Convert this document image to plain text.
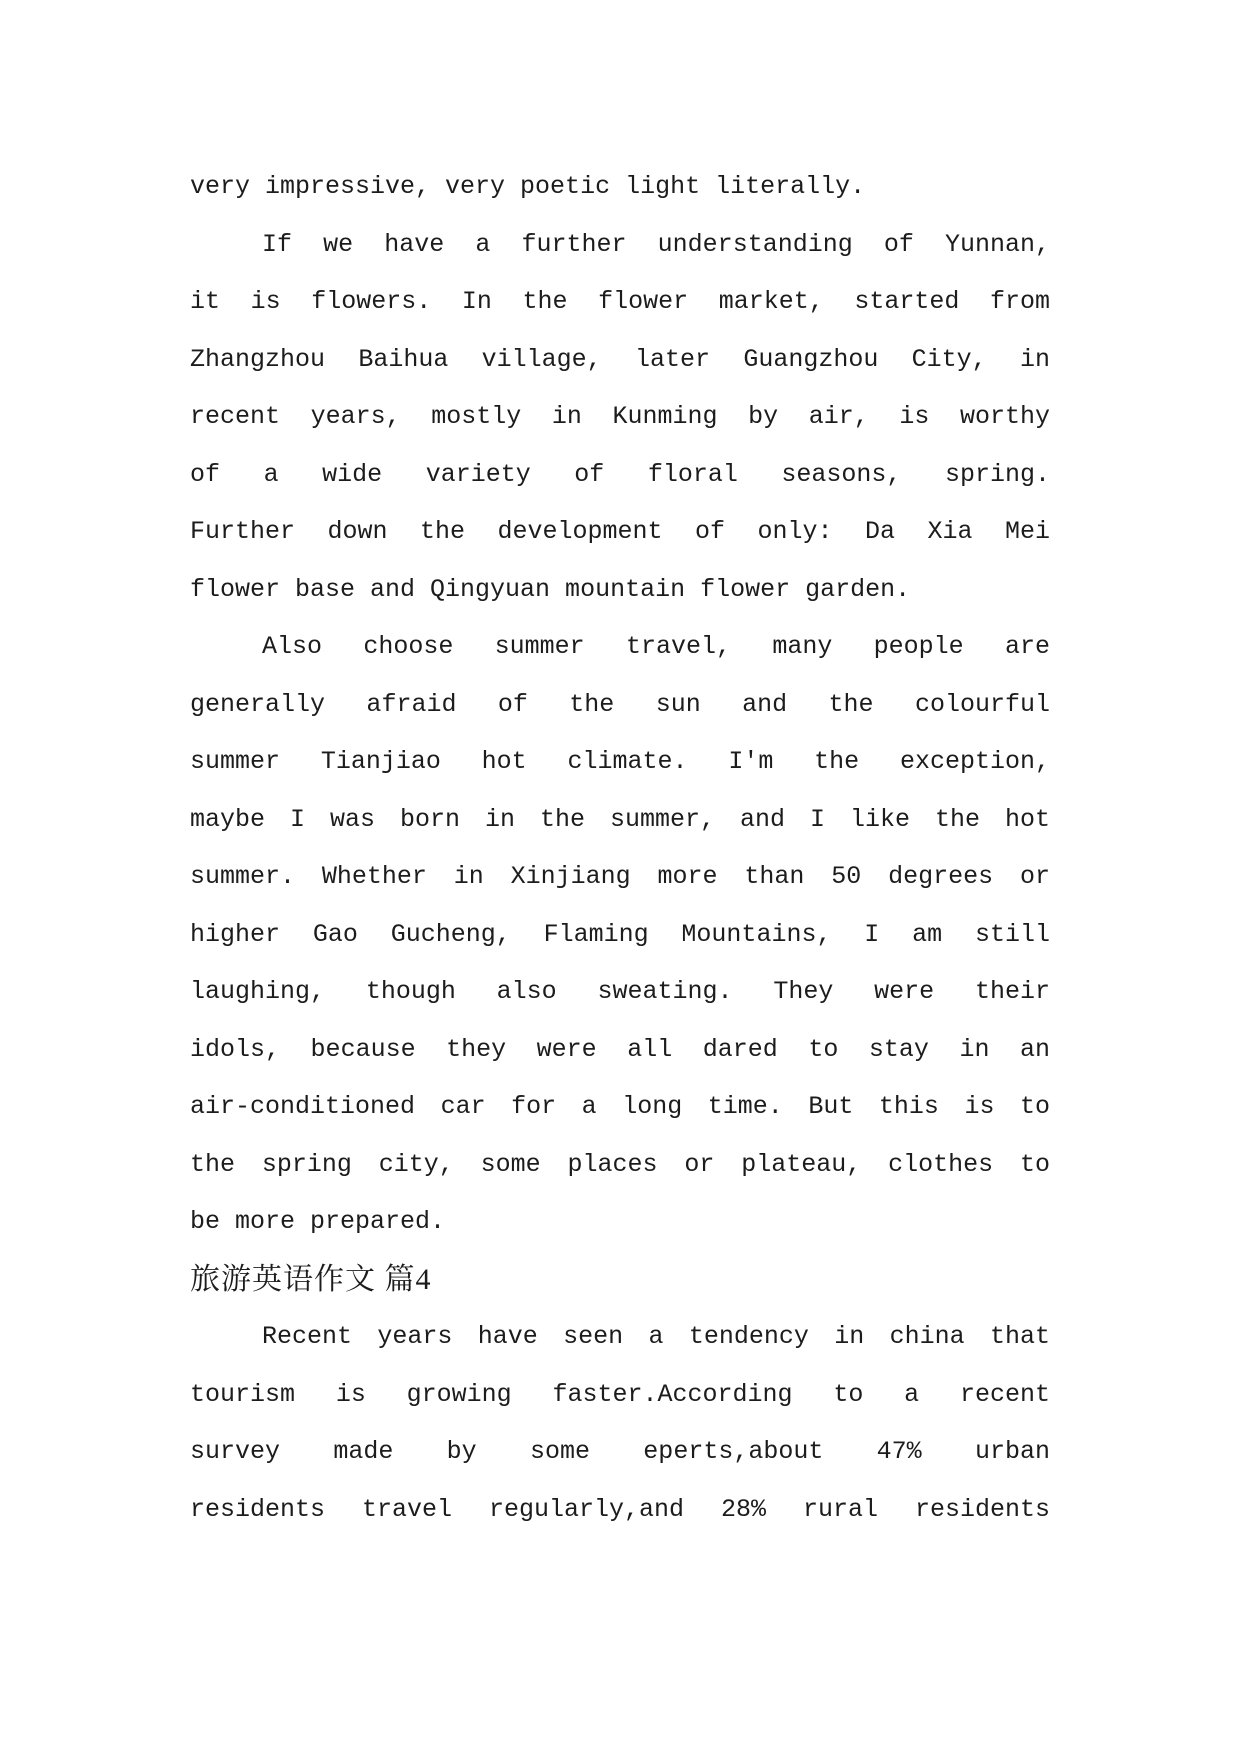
very impressive, very poetic light literally.
If we have a further understanding of Yunnan,
it is flowers. In the flower market, started from
Zhangzhou Baihua village, later Guangzhou City, in
recent years, mostly in Kunming by air, is worthy
of a wide variety of floral seasons, spring.
Further down the development of only: Da Xia Mei
flower base and Qingyuan mountain flower garden.
Also choose summer travel, many people are
generally afraid of the sun and the colourful
summer Tianjiao hot climate. I'm the exception,
maybe I was born in the summer, and I like the hot
summer. Whether in Xinjiang more than 50 degrees or
higher Gao Gucheng, Flaming Mountains, I am still
laughing, though also sweating. They were their
idols, because they were all dared to stay in an
air-conditioned car for a long time. But this is to
the spring city, some places or plateau, clothes to
be more prepared.
旅游英语作文 篇4
Recent years have seen a tendency in china that
tourism is growing faster.According to a recent
survey made by some eperts,about 47% urban
residents travel regularly,and 28% rural residents
